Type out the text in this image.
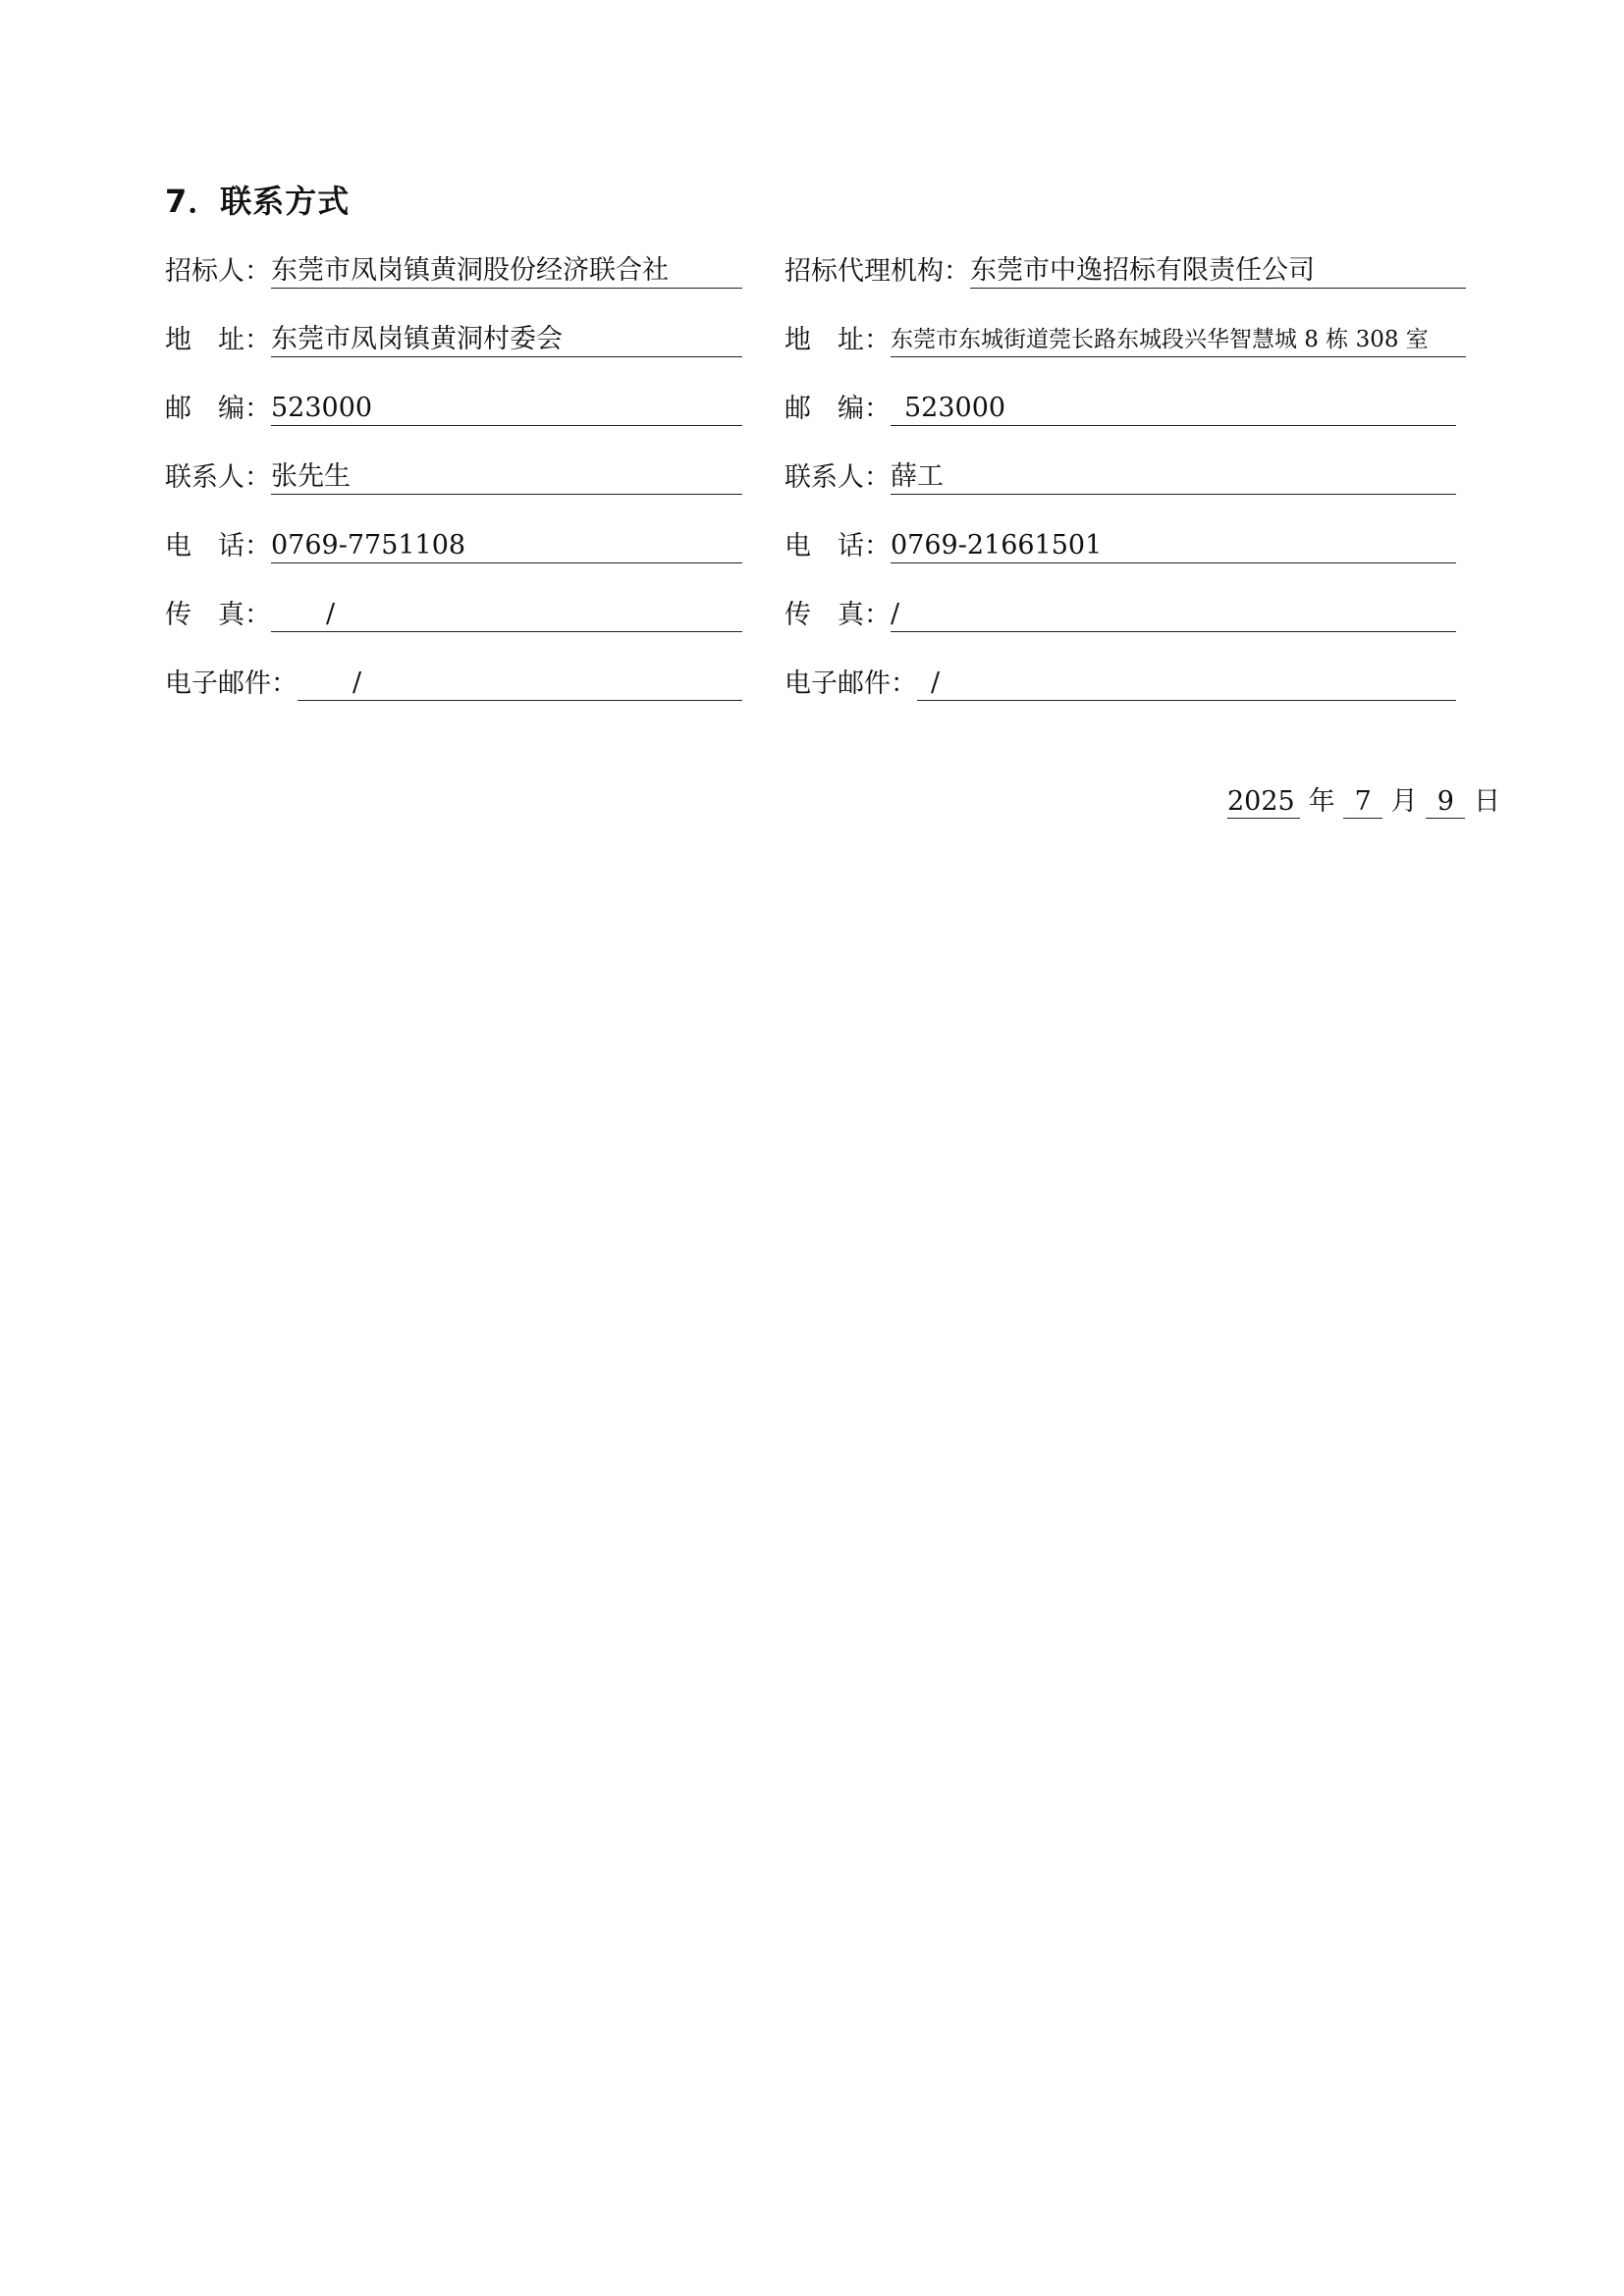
7．联系方式
招标人： 东莞市凤岗镇黄洞股份经济联合社	招标代理机构： 东莞市中逸招标有限责任公司
地　址： 东莞市凤岗镇黄洞村委会	地　址： 东莞市东城街道莞长路东城段兴华智慧城 8 栋 308 室
邮　编： 523000	邮　编： 523000
联系人： 张先生	联系人： 薛工
电　话： 0769-7751108	电　话： 0769-21661501
传　真：	/	传　真： /
电子邮件：	/	电子邮件： /
2025 年 7 月 9 日
